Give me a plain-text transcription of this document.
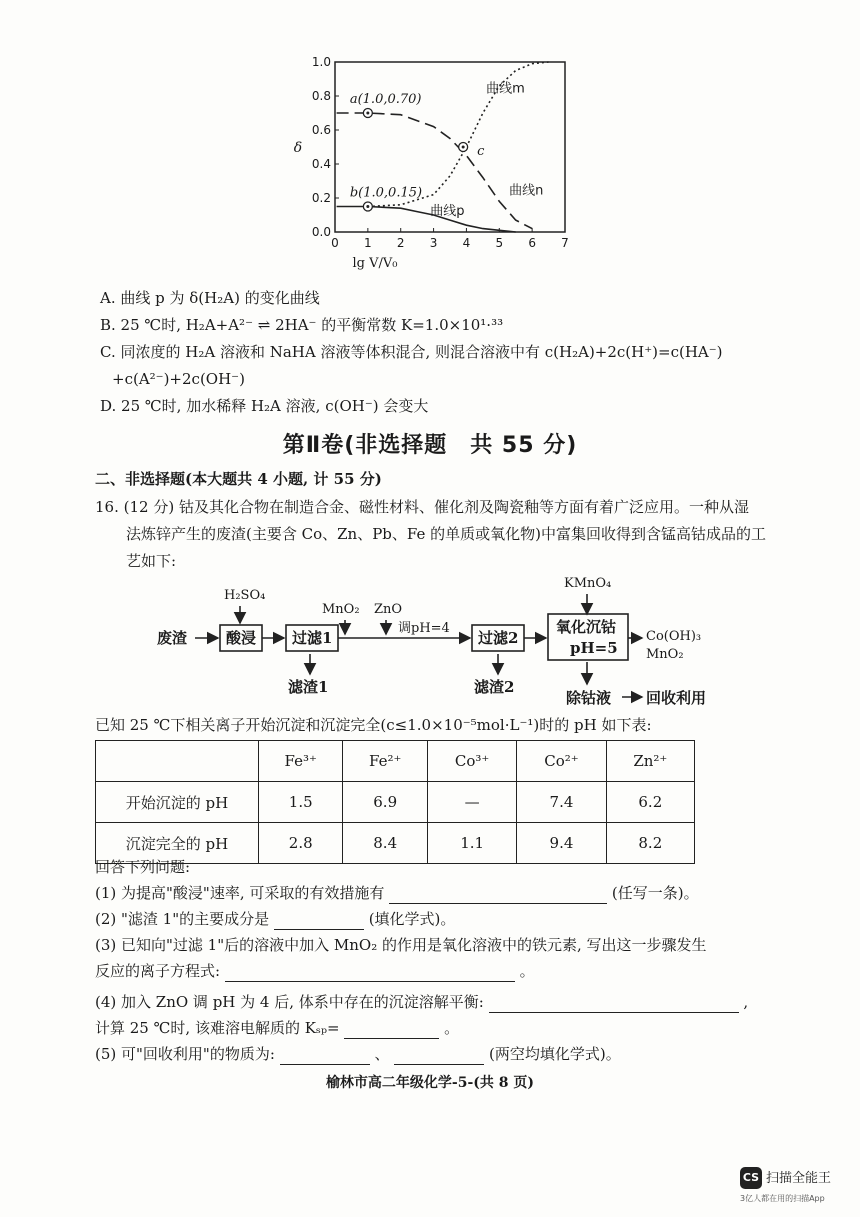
0 1 2 3 4 5 6 7
0.0
0.2
0.4
0.6
0.8
1.0
δ
lg V/V₀
曲线m
曲线n
曲线p
a(1.0,0.70)
b(1.0,0.15)
c
A. 曲线 p 为 δ(H₂A) 的变化曲线
B. 25 ℃时, H₂A+A²⁻ ⇌ 2HA⁻ 的平衡常数 K=1.0×10¹·³³
C. 同浓度的 H₂A 溶液和 NaHA 溶液等体积混合, 则混合溶液中有 c(H₂A)+2c(H⁺)=c(HA⁻)
+c(A²⁻)+2c(OH⁻)
D. 25 ℃时, 加水稀释 H₂A 溶液, c(OH⁻) 会变大
第Ⅱ卷(非选择题　共 55 分)
二、非选择题(本大题共 4 小题, 计 55 分)
16. (12 分) 钴及其化合物在制造合金、磁性材料、催化剂及陶瓷釉等方面有着广泛应用。一种从湿
法炼锌产生的废渣(主要含 Co、Zn、Pb、Fe 的单质或氧化物)中富集回收得到含锰高钴成品的工
艺如下:
废渣
H₂SO₄
酸浸 过滤1
MnO₂ ZnO
调pH=4
过滤2
KMnO₄
氧化沉钴
pH=5
Co(OH)₃
MnO₂
滤渣1	滤渣2
除钴液 回收利用
已知 25 ℃下相关离子开始沉淀和沉淀完全(c≤1.0×10⁻⁵mol·L⁻¹)时的 pH 如下表:
	Fe³⁺	Fe²⁺	Co³⁺	Co²⁺	Zn²⁺
开始沉淀的 pH	1.5	6.9	—	7.4	6.2
沉淀完全的 pH	2.8	8.4	1.1	9.4	8.2
回答下列问题:
(1) 为提高"酸浸"速率, 可采取的有效措施有	(任写一条)。
(2) "滤渣 1"的主要成分是	(填化学式)。
(3) 已知向"过滤 1"后的溶液中加入 MnO₂ 的作用是氧化溶液中的铁元素, 写出这一步骤发生
反应的离子方程式:	。
(4) 加入 ZnO 调 pH 为 4 后, 体系中存在的沉淀溶解平衡:	,
计算 25 ℃时, 该难溶电解质的 Kₛₚ=	。
(5) 可"回收利用"的物质为:	、	(两空均填化学式)。
榆林市高二年级化学-5-(共 8 页)
CS 扫描全能王
3亿人都在用的扫描App
